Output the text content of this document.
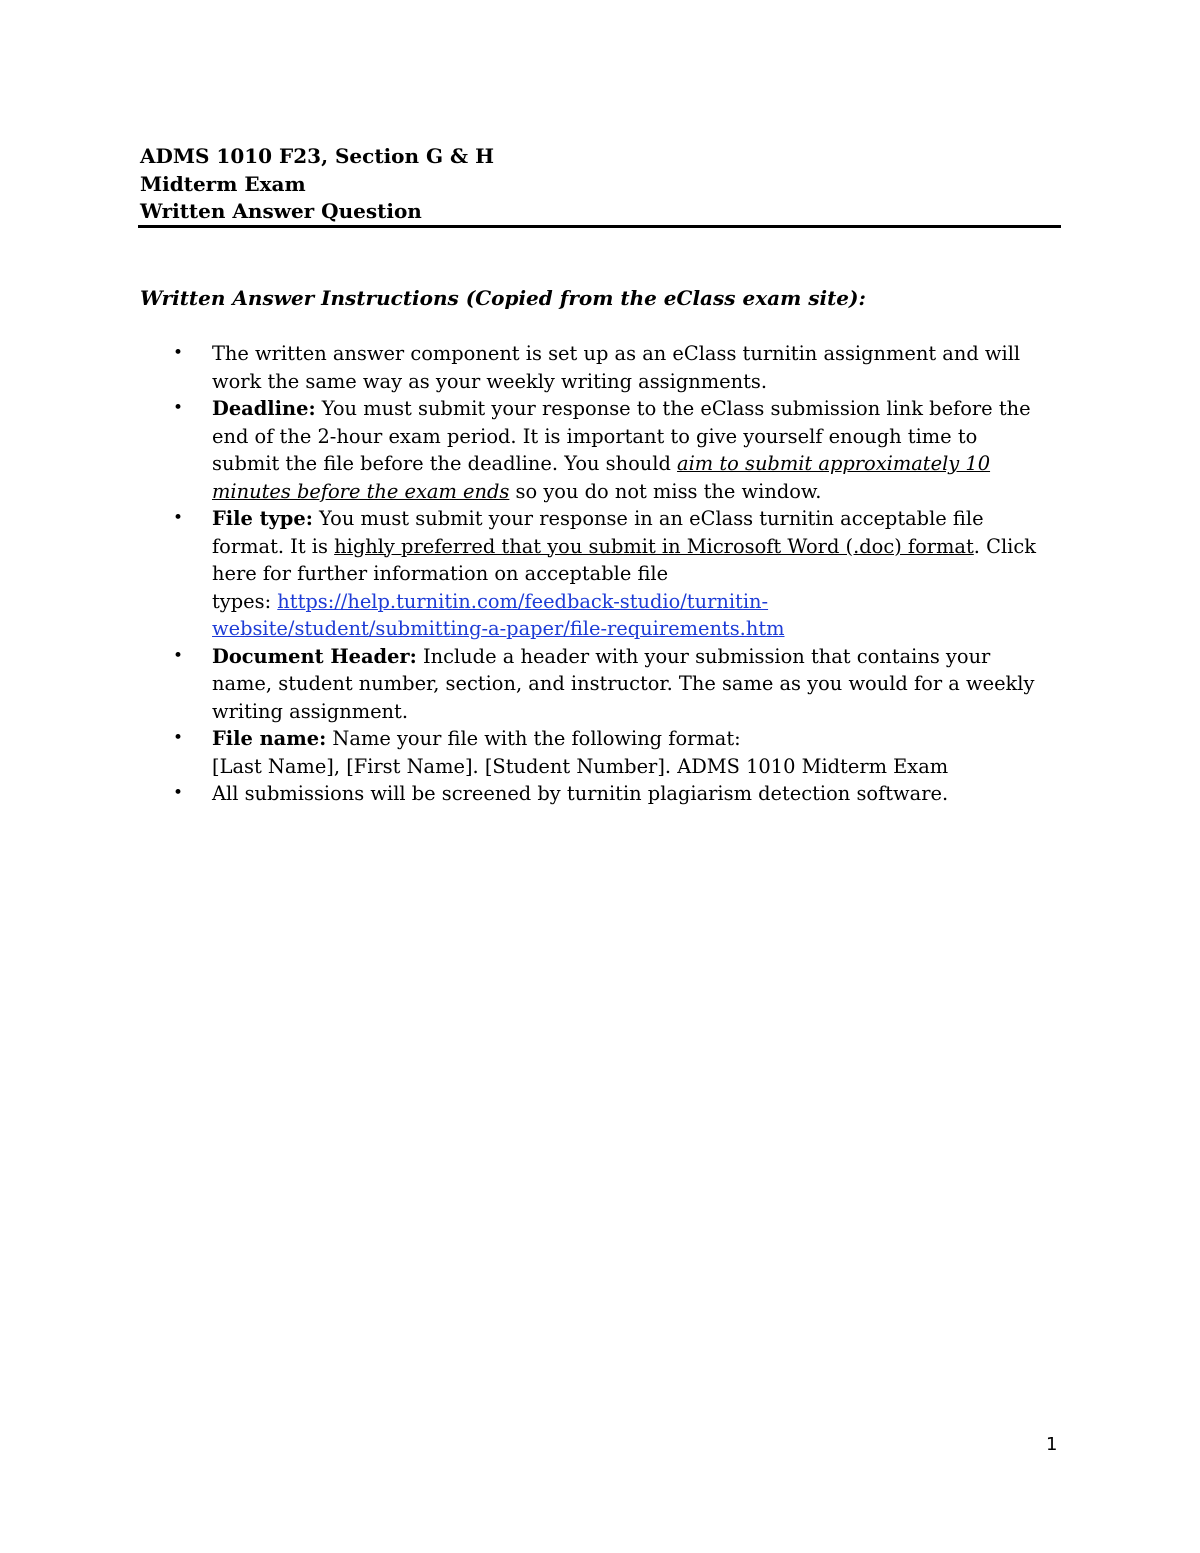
ADMS 1010 F23, Section G & H
Midterm Exam
Written Answer Question
Written Answer Instructions (Copied from the eClass exam site):
• The written answer component is set up as an eClass turnitin assignment and will
work the same way as your weekly writing assignments.
• Deadline: You must submit your response to the eClass submission link before the
end of the 2-hour exam period. It is important to give yourself enough time to
submit the file before the deadline. You should aim to submit approximately 10
minutes before the exam ends so you do not miss the window.
• File type: You must submit your response in an eClass turnitin acceptable file
format. It is highly preferred that you submit in Microsoft Word (.doc) format. Click
here for further information on acceptable file
types: https://help.turnitin.com/feedback-studio/turnitin-
website/student/submitting-a-paper/file-requirements.htm
• Document Header: Include a header with your submission that contains your
name, student number, section, and instructor. The same as you would for a weekly
writing assignment.
• File name: Name your file with the following format:
[Last Name], [First Name]. [Student Number]. ADMS 1010 Midterm Exam
• All submissions will be screened by turnitin plagiarism detection software.
1
